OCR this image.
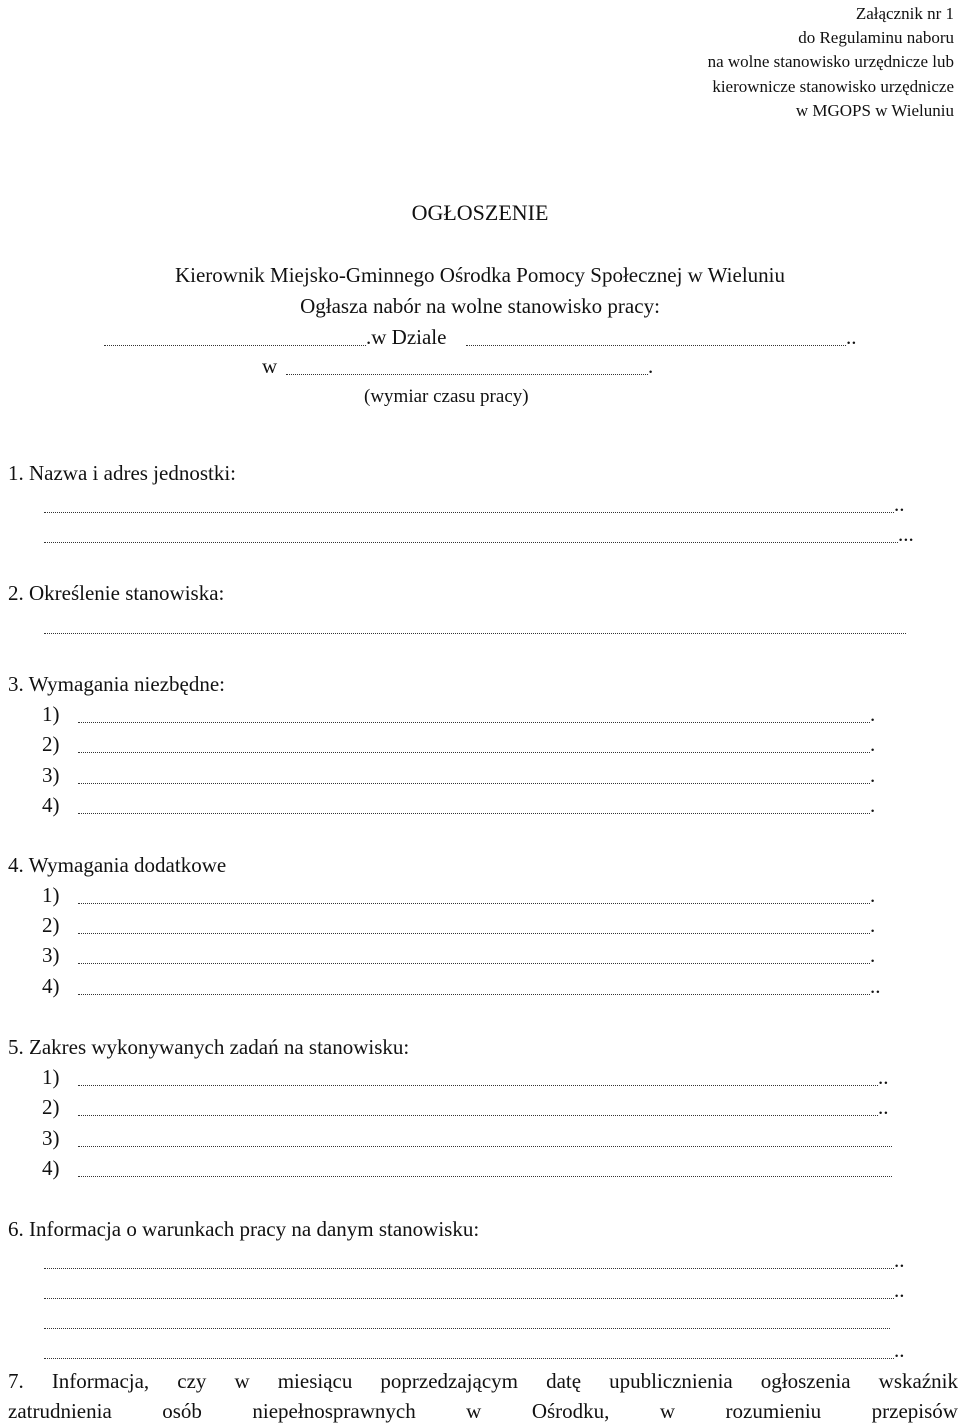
Załącznik nr 1
do Regulaminu naboru
na wolne stanowisko urzędnicze lub
kierownicze stanowisko urzędnicze
w MGOPS w Wieluniu
OGŁOSZENIE
Kierownik Miejsko-Gminnego Ośrodka Pomocy Społecznej w Wieluniu
Ogłasza nabór na wolne stanowisko pracy:
.w Dziale	..
w	.
(wymiar czasu pracy)
1. Nazwa i adres jednostki:
..
...
2. Określenie stanowiska:
3. Wymagania niezbędne:
1)	.
2)	.
3)	.
4)	.
4. Wymagania dodatkowe
1)	.
2)	.
3)	.
4)	..
5. Zakres wykonywanych zadań na stanowisku:
1)	..
2)	..
3)
4)
6. Informacja o warunkach pracy na danym stanowisku:
..
..
..
7. Informacja, czy w miesiącu poprzedzającym datę upublicznienia ogłoszenia wskaźnik
zatrudnienia osób niepełnosprawnych w Ośrodku, w rozumieniu przepisów
